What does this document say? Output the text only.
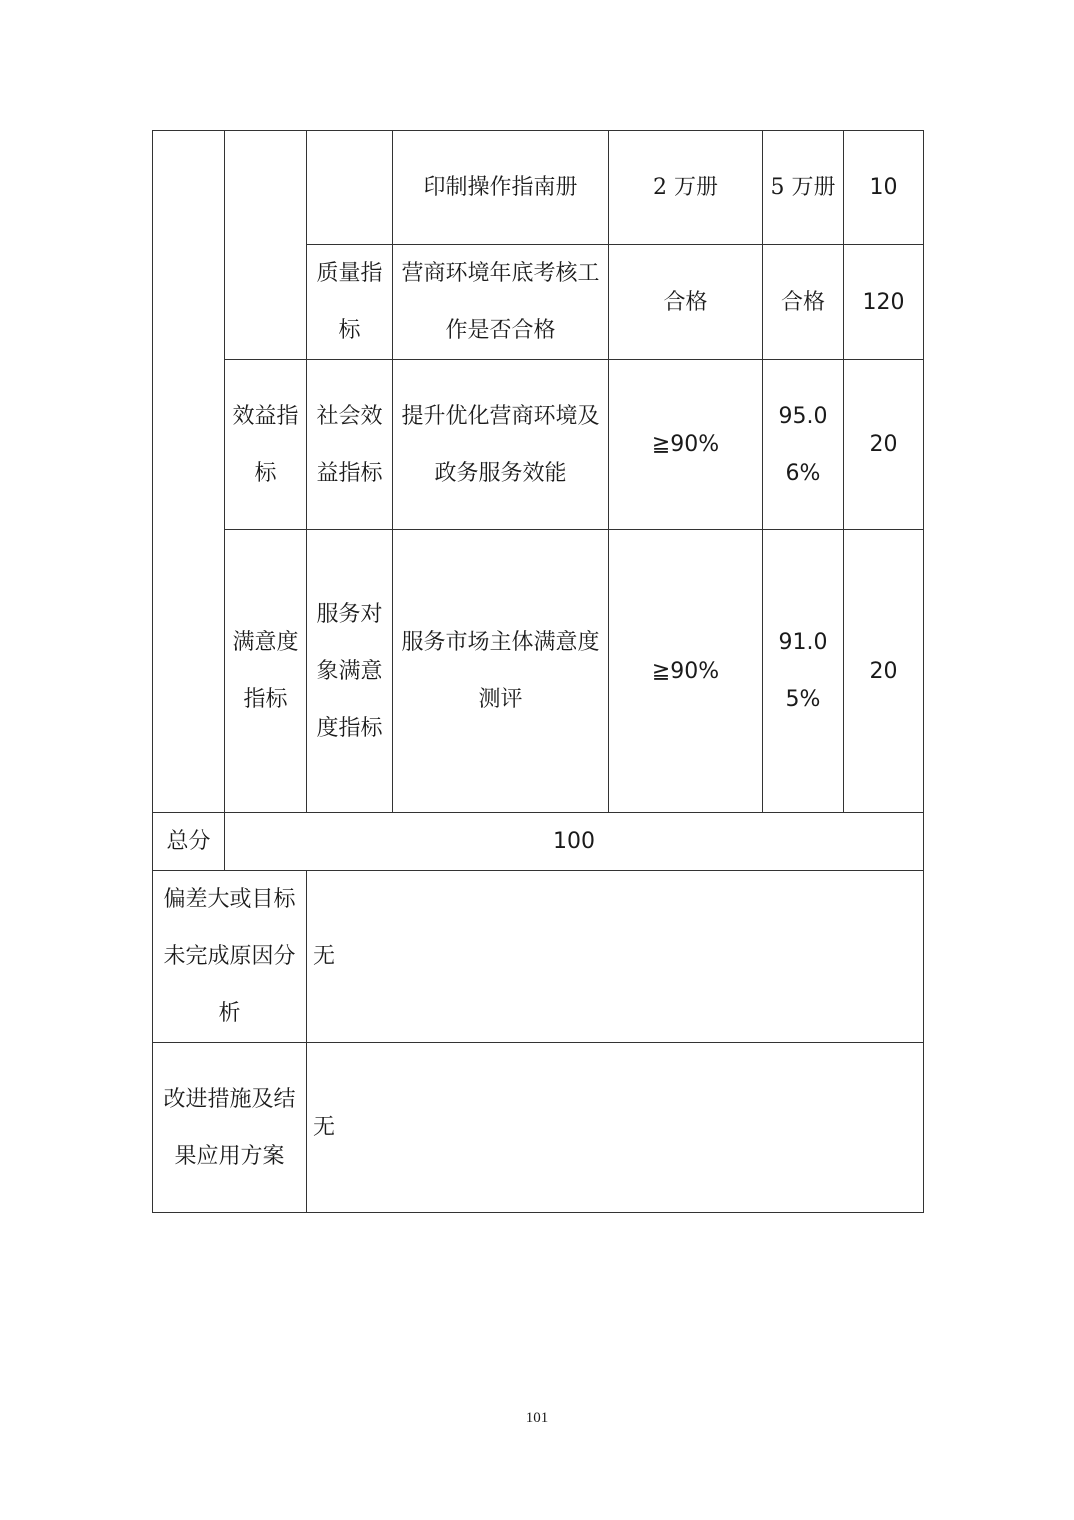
			印制操作指南册	2 万册	5 万册	10
		质量指标	营商环境年底考核工作是否合格	合格	合格	120
	效益指标	社会效益指标	提升优化营商环境及政务服务效能	≧90%	95.06%	20
	满意度指标	服务对象满意度指标	服务市场主体满意度测评	≧90%	91.05%	20
总分	100					
偏差大或目标未完成原因分析		无				
改进措施及结果应用方案		无				
101
